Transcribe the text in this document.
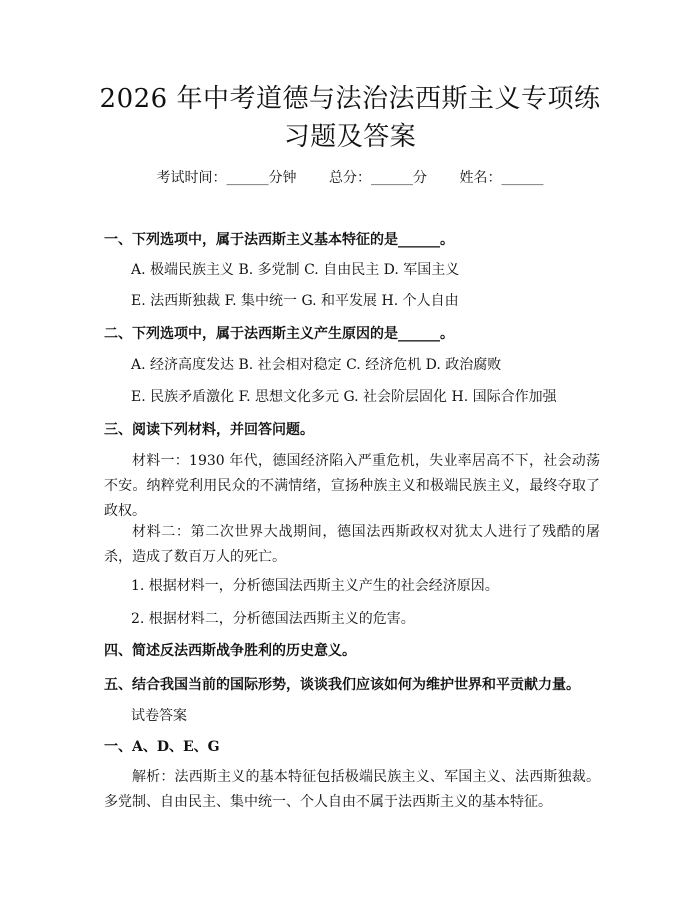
2026 年中考道德与法治法西斯主义专项练习题及答案
考试时间：______分钟 总分：______分 姓名：______
一、下列选项中，属于法西斯主义基本特征的是______。
A. 极端民族主义 B. 多党制 C. 自由民主 D. 军国主义
E. 法西斯独裁 F. 集中统一 G. 和平发展 H. 个人自由
二、下列选项中，属于法西斯主义产生原因的是______。
A. 经济高度发达 B. 社会相对稳定 C. 经济危机 D. 政治腐败
E. 民族矛盾激化 F. 思想文化多元 G. 社会阶层固化 H. 国际合作加强
三、阅读下列材料，并回答问题。
材料一：1930 年代，德国经济陷入严重危机，失业率居高不下，社会动荡不安。纳粹党利用民众的不满情绪，宣扬种族主义和极端民族主义，最终夺取了政权。
材料二：第二次世界大战期间，德国法西斯政权对犹太人进行了残酷的屠杀，造成了数百万人的死亡。
1. 根据材料一，分析德国法西斯主义产生的社会经济原因。
2. 根据材料二，分析德国法西斯主义的危害。
四、简述反法西斯战争胜利的历史意义。
五、结合我国当前的国际形势，谈谈我们应该如何为维护世界和平贡献力量。
试卷答案
一、A、D、E、G
解析：法西斯主义的基本特征包括极端民族主义、军国主义、法西斯独裁。多党制、自由民主、集中统一、个人自由不属于法西斯主义的基本特征。
